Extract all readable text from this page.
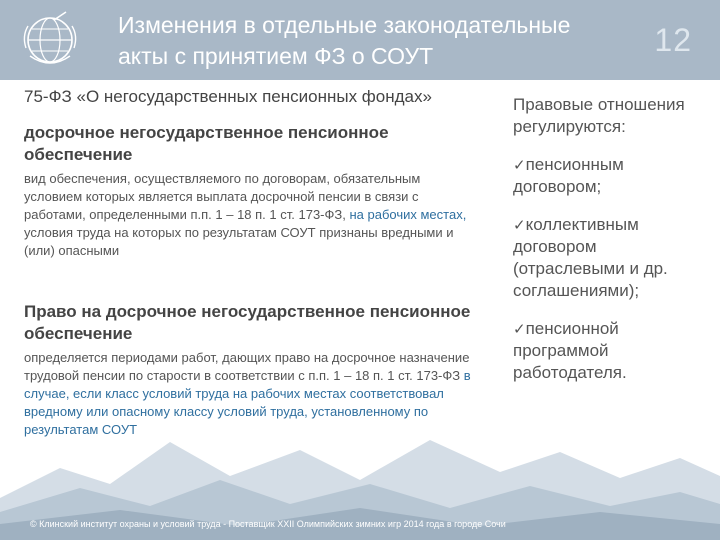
Изменения в отдельные законодательные
акты с принятием ФЗ о СОУТ	12

75-ФЗ «О негосударственных пенсионных фондах»

досрочное негосударственное пенсионное обеспечение

вид обеспечения, осуществляемого по договорам, обязательным условием которых является выплата досрочной пенсии в связи с работами, определенными п.п. 1 – 18 п. 1 ст. 173-ФЗ, на рабочих местах, условия труда на которых по результатам СОУТ признаны вредными и (или) опасными

Право на досрочное негосударственное пенсионное обеспечение

определяется периодами работ, дающих право на досрочное назначение трудовой пенсии по старости в соответствии с п.п. 1 – 18 п. 1 ст. 173-ФЗ в случае, если класс условий труда на рабочих местах соответствовал вредному или опасному классу условий труда, установленному по результатам СОУТ

Правовые отношения регулируются:

✓пенсионным договором;

✓коллективным договором (отраслевыми и др. соглашениями);

✓пенсионной программой работодателя.

© Клинский институт охраны и условий труда - Поставщик XXII Олимпийских зимних игр 2014 года в городе Сочи
